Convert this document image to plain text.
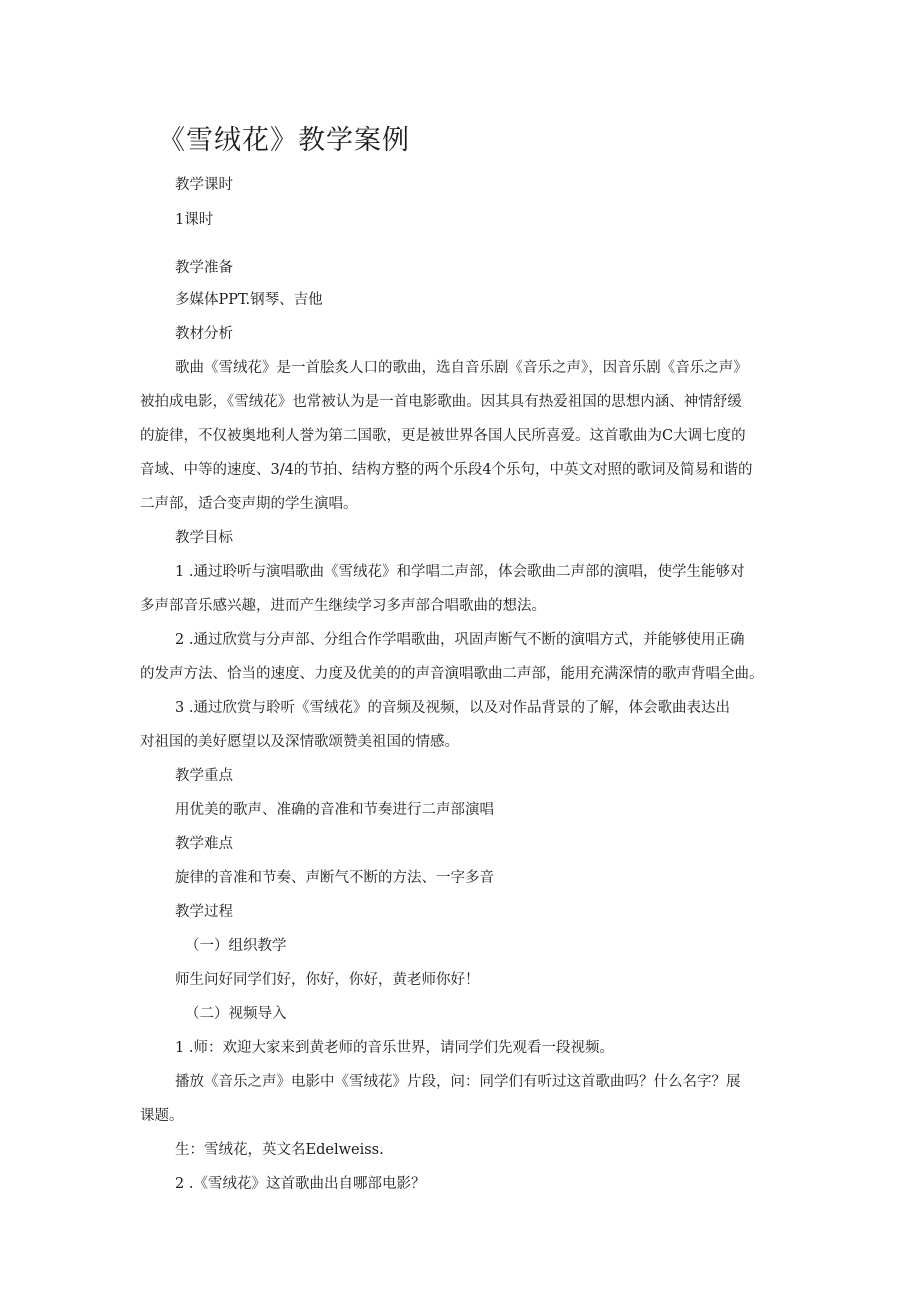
《雪绒花》教学案例
教学课时
1课时
教学准备
多媒体PPT.钢琴、吉他
教材分析
歌曲《雪绒花》是一首脍炙人口的歌曲，选自音乐剧《音乐之声》，因音乐剧《音乐之声》
被拍成电影，《雪绒花》也常被认为是一首电影歌曲。因其具有热爱祖国的思想内涵、神情舒缓
的旋律，不仅被奥地利人誉为第二国歌，更是被世界各国人民所喜爱。这首歌曲为C大调七度的
音域、中等的速度、3/4的节拍、结构方整的两个乐段4个乐句，中英文对照的歌词及简易和谐的
二声部，适合变声期的学生演唱。
教学目标
1 .通过聆听与演唱歌曲《雪绒花》和学唱二声部，体会歌曲二声部的演唱，使学生能够对
多声部音乐感兴趣，进而产生继续学习多声部合唱歌曲的想法。
2 .通过欣赏与分声部、分组合作学唱歌曲，巩固声断气不断的演唱方式，并能够使用正确
的发声方法、恰当的速度、力度及优美的的声音演唱歌曲二声部，能用充满深情的歌声背唱全曲。
3 .通过欣赏与聆听《雪绒花》的音频及视频，以及对作品背景的了解，体会歌曲表达出
对祖国的美好愿望以及深情歌颂赞美祖国的情感。
教学重点
用优美的歌声、准确的音准和节奏进行二声部演唱
教学难点
旋律的音准和节奏、声断气不断的方法、一字多音
教学过程
（一）组织教学
师生问好同学们好，你好，你好，黄老师你好！
（二）视频导入
1 .师：欢迎大家来到黄老师的音乐世界，请同学们先观看一段视频。
播放《音乐之声》电影中《雪绒花》片段，问：同学们有听过这首歌曲吗？什么名字？展
课题。
生：雪绒花，英文名Edelweiss.
2 .《雪绒花》这首歌曲出自哪部电影？
